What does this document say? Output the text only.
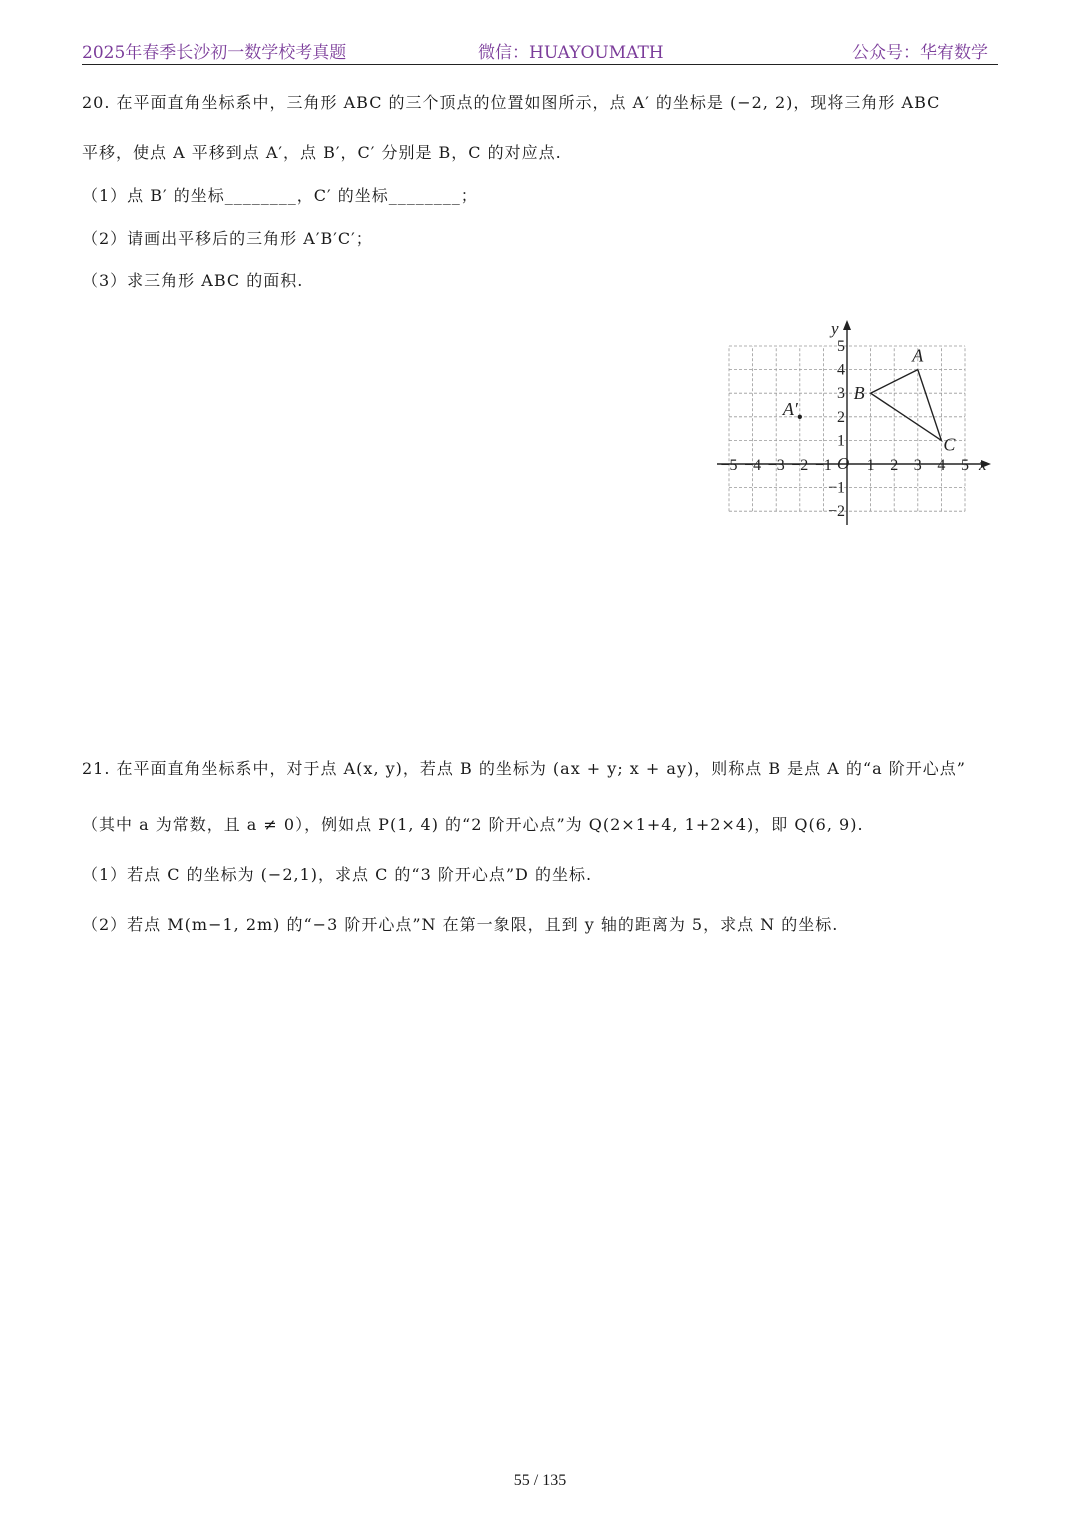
2025年春季长沙初一数学校考真题	微信：HUAYOUMATH	公众号：华宥数学
20. 在平面直角坐标系中，三角形 ABC 的三个顶点的位置如图所示，点 A′ 的坐标是 (−2, 2)，现将三角形 ABC
平移，使点 A 平移到点 A′，点 B′，C′ 分别是 B，C 的对应点.
（1）点 B′ 的坐标________，C′ 的坐标________；
（2）请画出平移后的三角形 A′B′C′；
（3）求三角形 ABC 的面积.
x
y
O
−5 −4 −3 −2 −1 1 2 3 4 5
5
4
3
2
1
−1
−2
A
B
C
A′
21. 在平面直角坐标系中，对于点 A(x, y)，若点 B 的坐标为 (ax + y; x + ay)，则称点 B 是点 A 的“a 阶开心点”
（其中 a 为常数，且 a ≠ 0），例如点 P(1, 4) 的“2 阶开心点”为 Q(2×1+4, 1+2×4)，即 Q(6, 9).
（1）若点 C 的坐标为 (−2,1)，求点 C 的“3 阶开心点”D 的坐标.
（2）若点 M(m−1, 2m) 的“−3 阶开心点”N 在第一象限，且到 y 轴的距离为 5，求点 N 的坐标.
55 / 135
